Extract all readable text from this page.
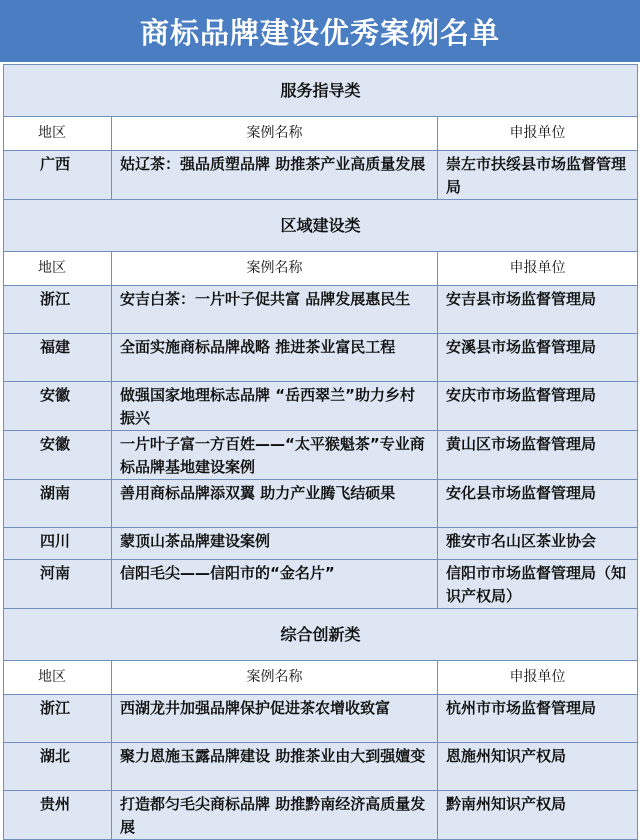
商标品牌建设优秀案例名单
服务指导类		
地区	案例名称	申报单位
广西	姑辽茶：强品质塑品牌 助推茶产业高质量发展	崇左市扶绥县市场监督管理局
区域建设类		
地区	案例名称	申报单位
浙江	安吉白茶：一片叶子促共富 品牌发展惠民生	安吉县市场监督管理局
福建	全面实施商标品牌战略 推进茶业富民工程	安溪县市场监督管理局
安徽	做强国家地理标志品牌 “岳西翠兰”助力乡村振兴	安庆市市场监督管理局
安徽	一片叶子富一方百姓——“太平猴魁茶”专业商标品牌基地建设案例	黄山区市场监督管理局
湖南	善用商标品牌添双翼 助力产业腾飞结硕果	安化县市场监督管理局
四川	蒙顶山茶品牌建设案例	雅安市名山区茶业协会
河南	信阳毛尖——信阳市的“金名片”	信阳市市场监督管理局（知识产权局）
综合创新类		
地区	案例名称	申报单位
浙江	西湖龙井加强品牌保护促进茶农增收致富	杭州市市场监督管理局
湖北	聚力恩施玉露品牌建设 助推茶业由大到强嬗变	恩施州知识产权局
贵州	打造都匀毛尖商标品牌 助推黔南经济高质量发展	黔南州知识产权局
